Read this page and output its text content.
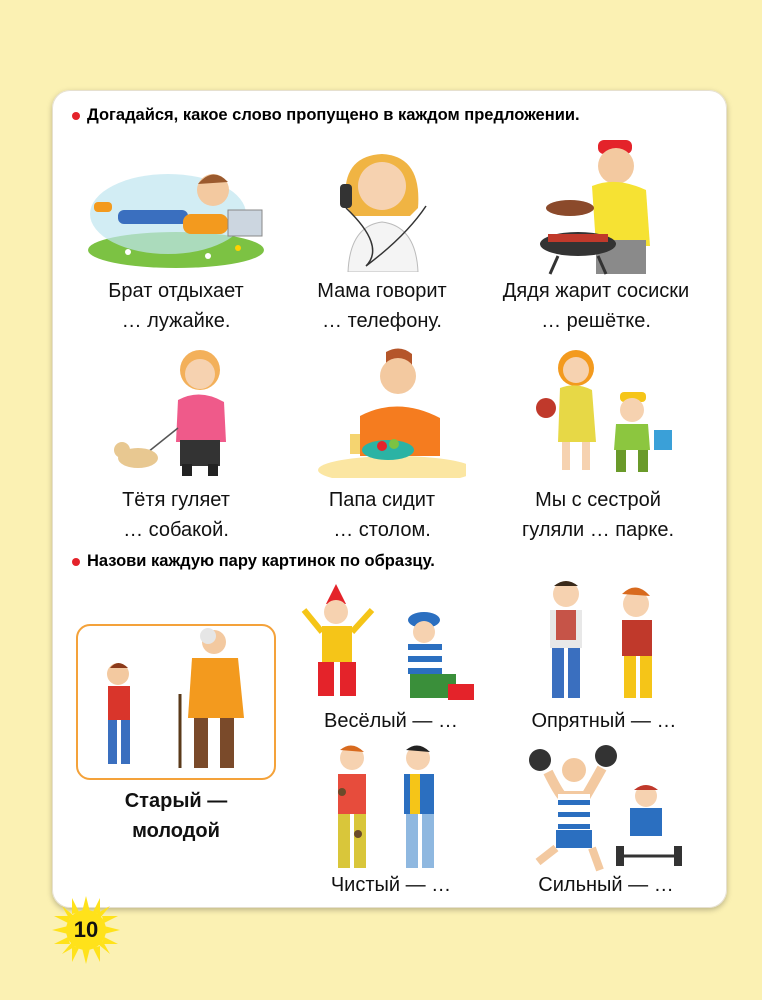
Догадайся, какое слово пропущено в каждом предложении.
Брат отдыхает
… лужайке.
Мама говорит
… телефону.
Дядя жарит сосиски
… решётке.
Тётя гуляет
… собакой.
Папа сидит
… столом.
Мы с сестрой
гуляли … парке.
Назови каждую пару картинок по образцу.
Старый —
молодой
Весёлый — …	Опрятный — …
Чистый — …	Сильный — …
10
